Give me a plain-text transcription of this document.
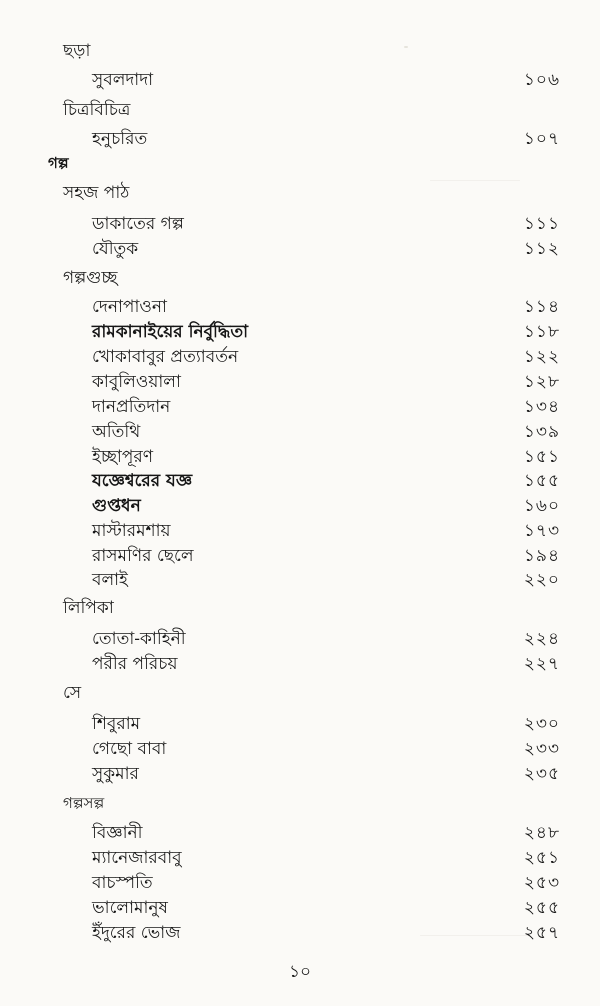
ছড়া
সুবলদাদা	১০৬
চিত্রবিচিত্র
হনুচরিত	১০৭
গল্প
সহজ পাঠ
ডাকাতের গল্প	১১১
যৌতুক	১১২
গল্পগুচ্ছ
দেনাপাওনা	১১৪
রামকানাইয়ের নির্বুদ্ধিতা	১১৮
খোকাবাবুর প্রত্যাবর্তন	১২২
কাবুলিওয়ালা	১২৮
দানপ্রতিদান	১৩৪
অতিথি	১৩৯
ইচ্ছাপূরণ	১৫১
যজ্ঞেশ্বরের যজ্ঞ	১৫৫
গুপ্তধন	১৬০
মাস্টারমশায়	১৭৩
রাসমণির ছেলে	১৯৪
বলাই	২২০
লিপিকা
তোতা-কাহিনী	২২৪
পরীর পরিচয়	২২৭
সে
শিবুরাম	২৩০
গেছো বাবা	২৩৩
সুকুমার	২৩৫
গল্পসল্প
বিজ্ঞানী	২৪৮
ম্যানেজারবাবু	২৫১
বাচস্পতি	২৫৩
ভালোমানুষ	২৫৫
ইঁদুরের ভোজ	২৫৭
১০
